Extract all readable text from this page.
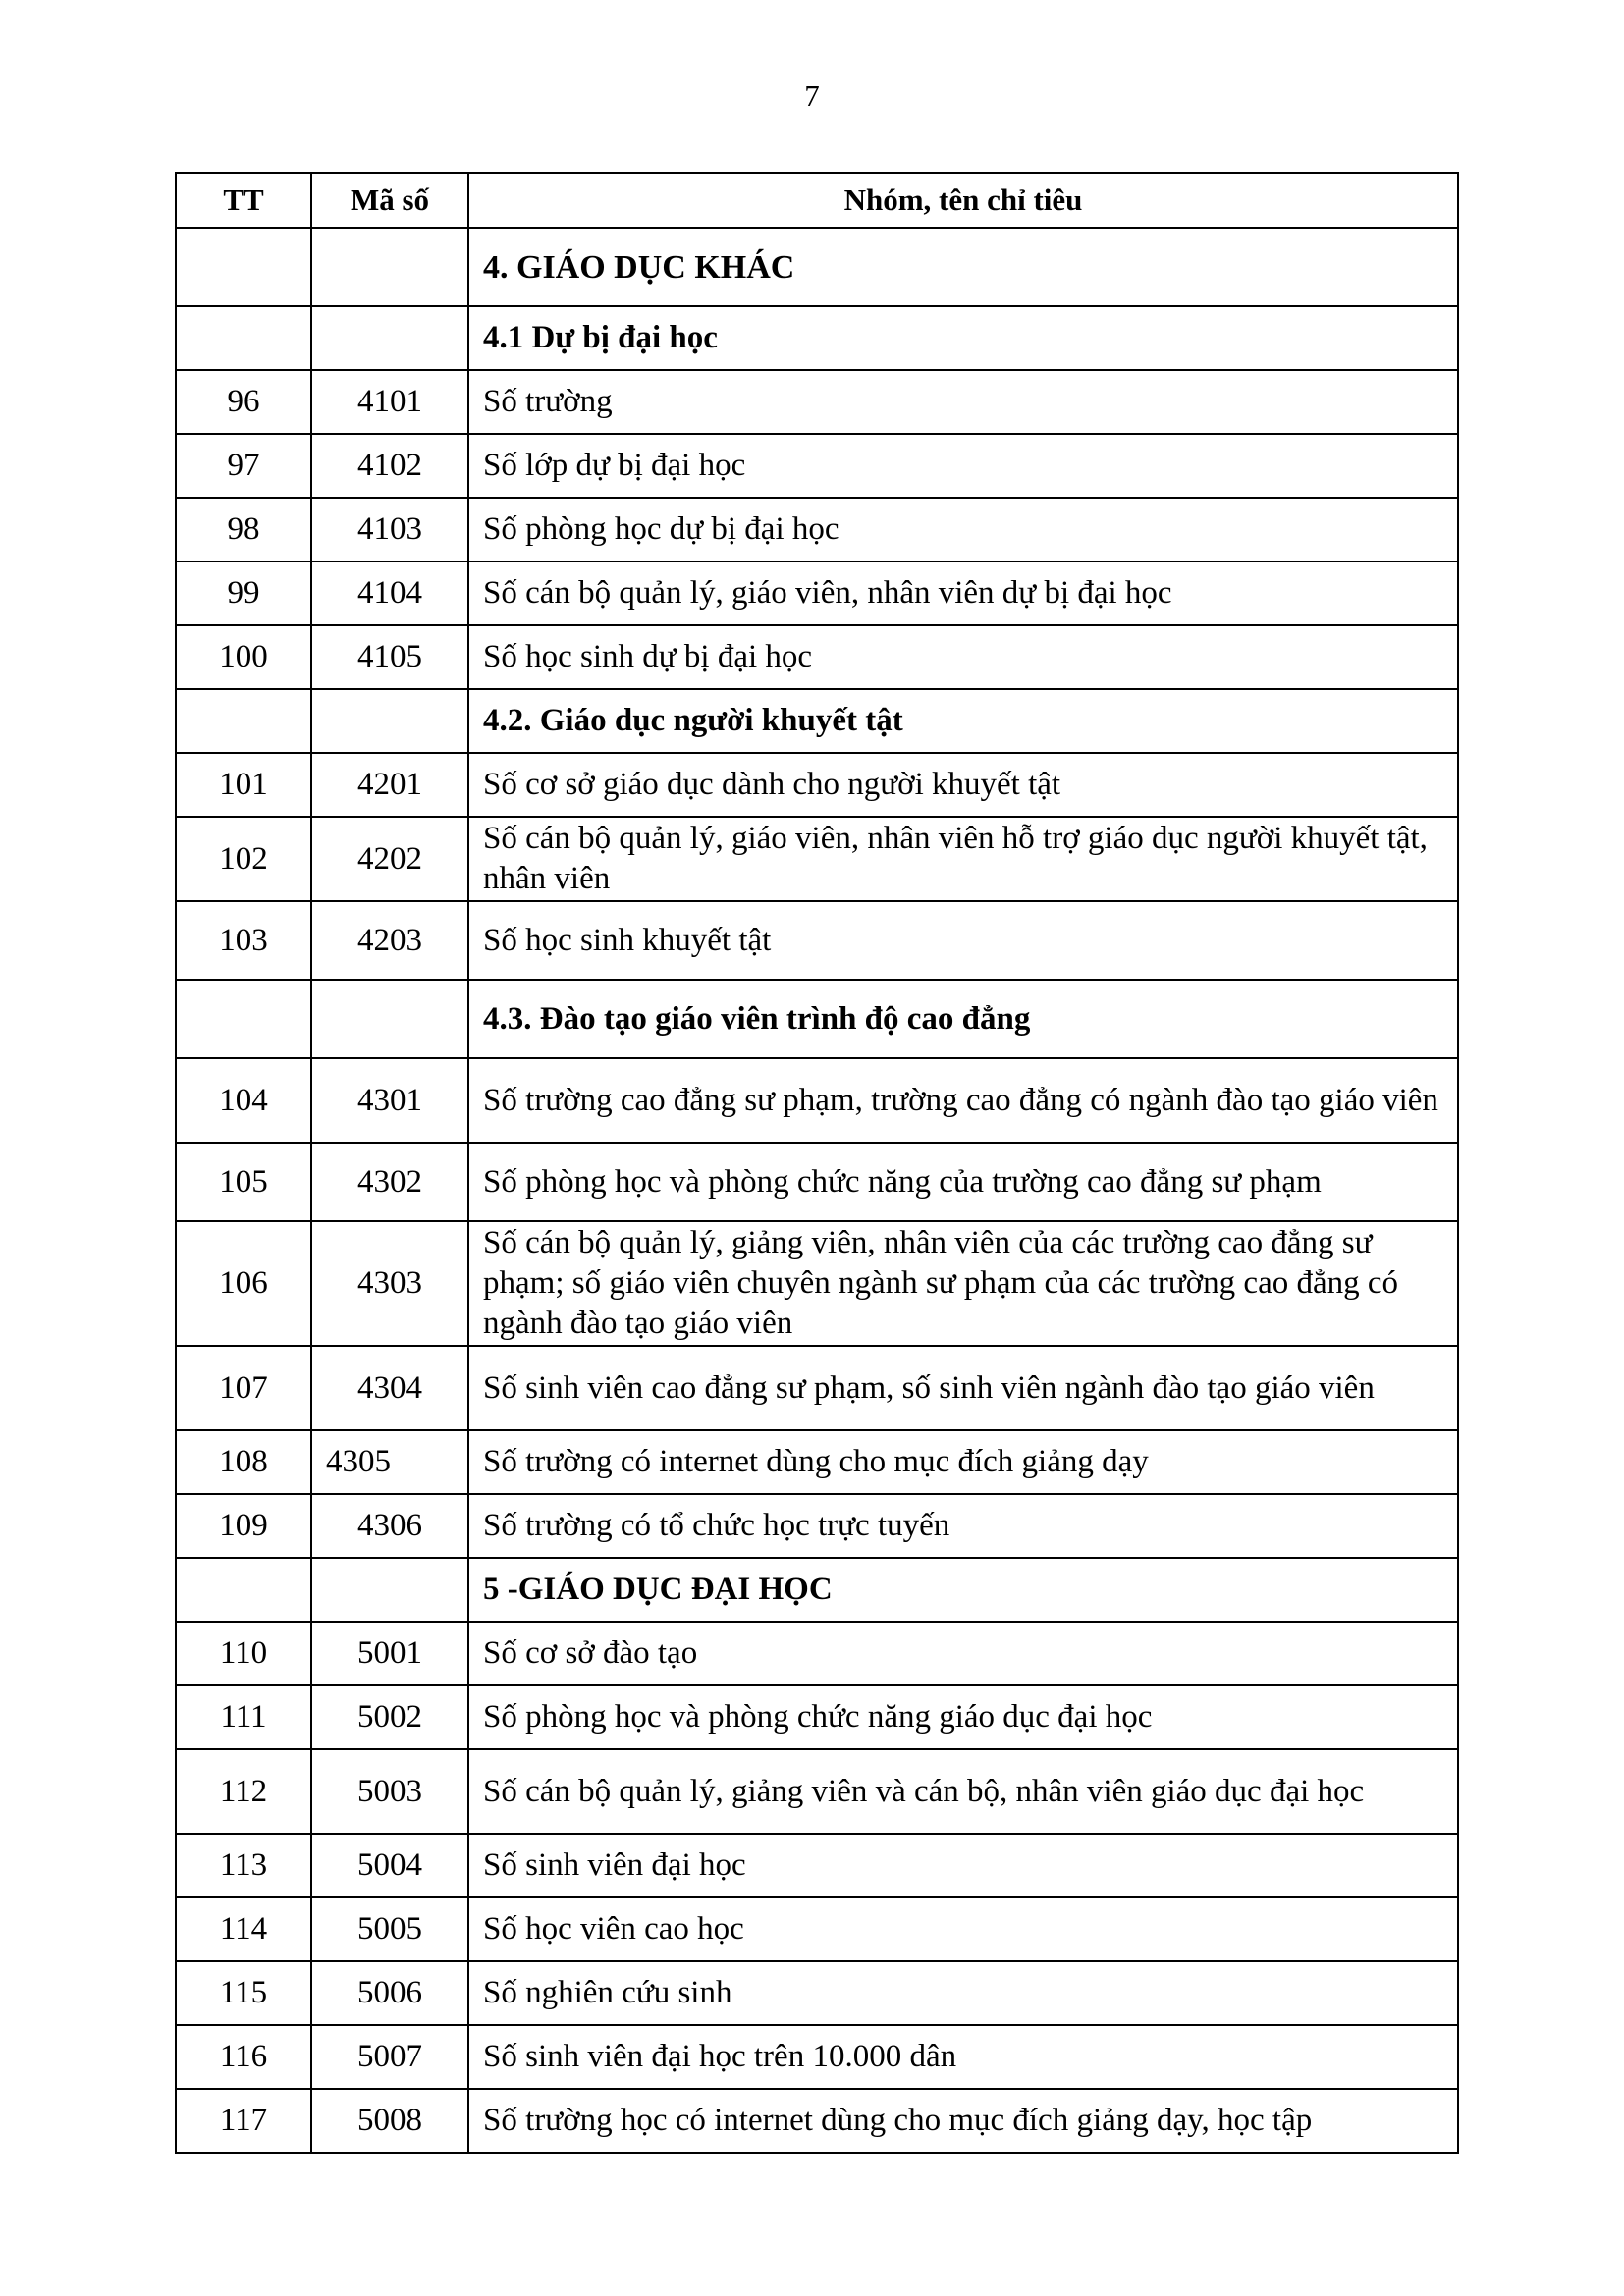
7
TT	Mã số	Nhóm, tên chỉ tiêu
		4. GIÁO DỤC KHÁC
		4.1 Dự bị đại học
96	4101	Số trường
97	4102	Số lớp dự bị đại học
98	4103	Số phòng học dự bị đại học
99	4104	Số cán bộ quản lý, giáo viên, nhân viên dự bị đại học
100	4105	Số học sinh dự bị đại học
		4.2. Giáo dục người khuyết tật
101	4201	Số cơ sở giáo dục dành cho người khuyết tật
102	4202	Số cán bộ quản lý, giáo viên, nhân viên hỗ trợ giáo dục người khuyết tật, nhân viên
103	4203	Số học sinh khuyết tật
		4.3. Đào tạo giáo viên trình độ cao đẳng
104	4301	Số trường cao đẳng sư phạm, trường cao đẳng có ngành đào tạo giáo viên
105	4302	Số phòng học và phòng chức năng của trường cao đẳng sư phạm
106	4303	Số cán bộ quản lý, giảng viên, nhân viên của các trường cao đẳng sư phạm; số giáo viên chuyên ngành sư phạm của các trường cao đẳng có ngành đào tạo giáo viên
107	4304	Số sinh viên cao đẳng sư phạm, số sinh viên ngành đào tạo giáo viên
108	4305	Số trường có internet dùng cho mục đích giảng dạy
109	4306	Số trường có tổ chức học trực tuyến
		5 -GIÁO DỤC ĐẠI HỌC
110	5001	Số cơ sở đào tạo
111	5002	Số phòng học và phòng chức năng giáo dục đại học
112	5003	Số cán bộ quản lý, giảng viên và cán bộ, nhân viên giáo dục đại học
113	5004	Số sinh viên đại học
114	5005	Số học viên cao học
115	5006	Số nghiên cứu sinh
116	5007	Số sinh viên đại học trên 10.000 dân
117	5008	Số trường học có internet dùng cho mục đích giảng dạy, học tập
